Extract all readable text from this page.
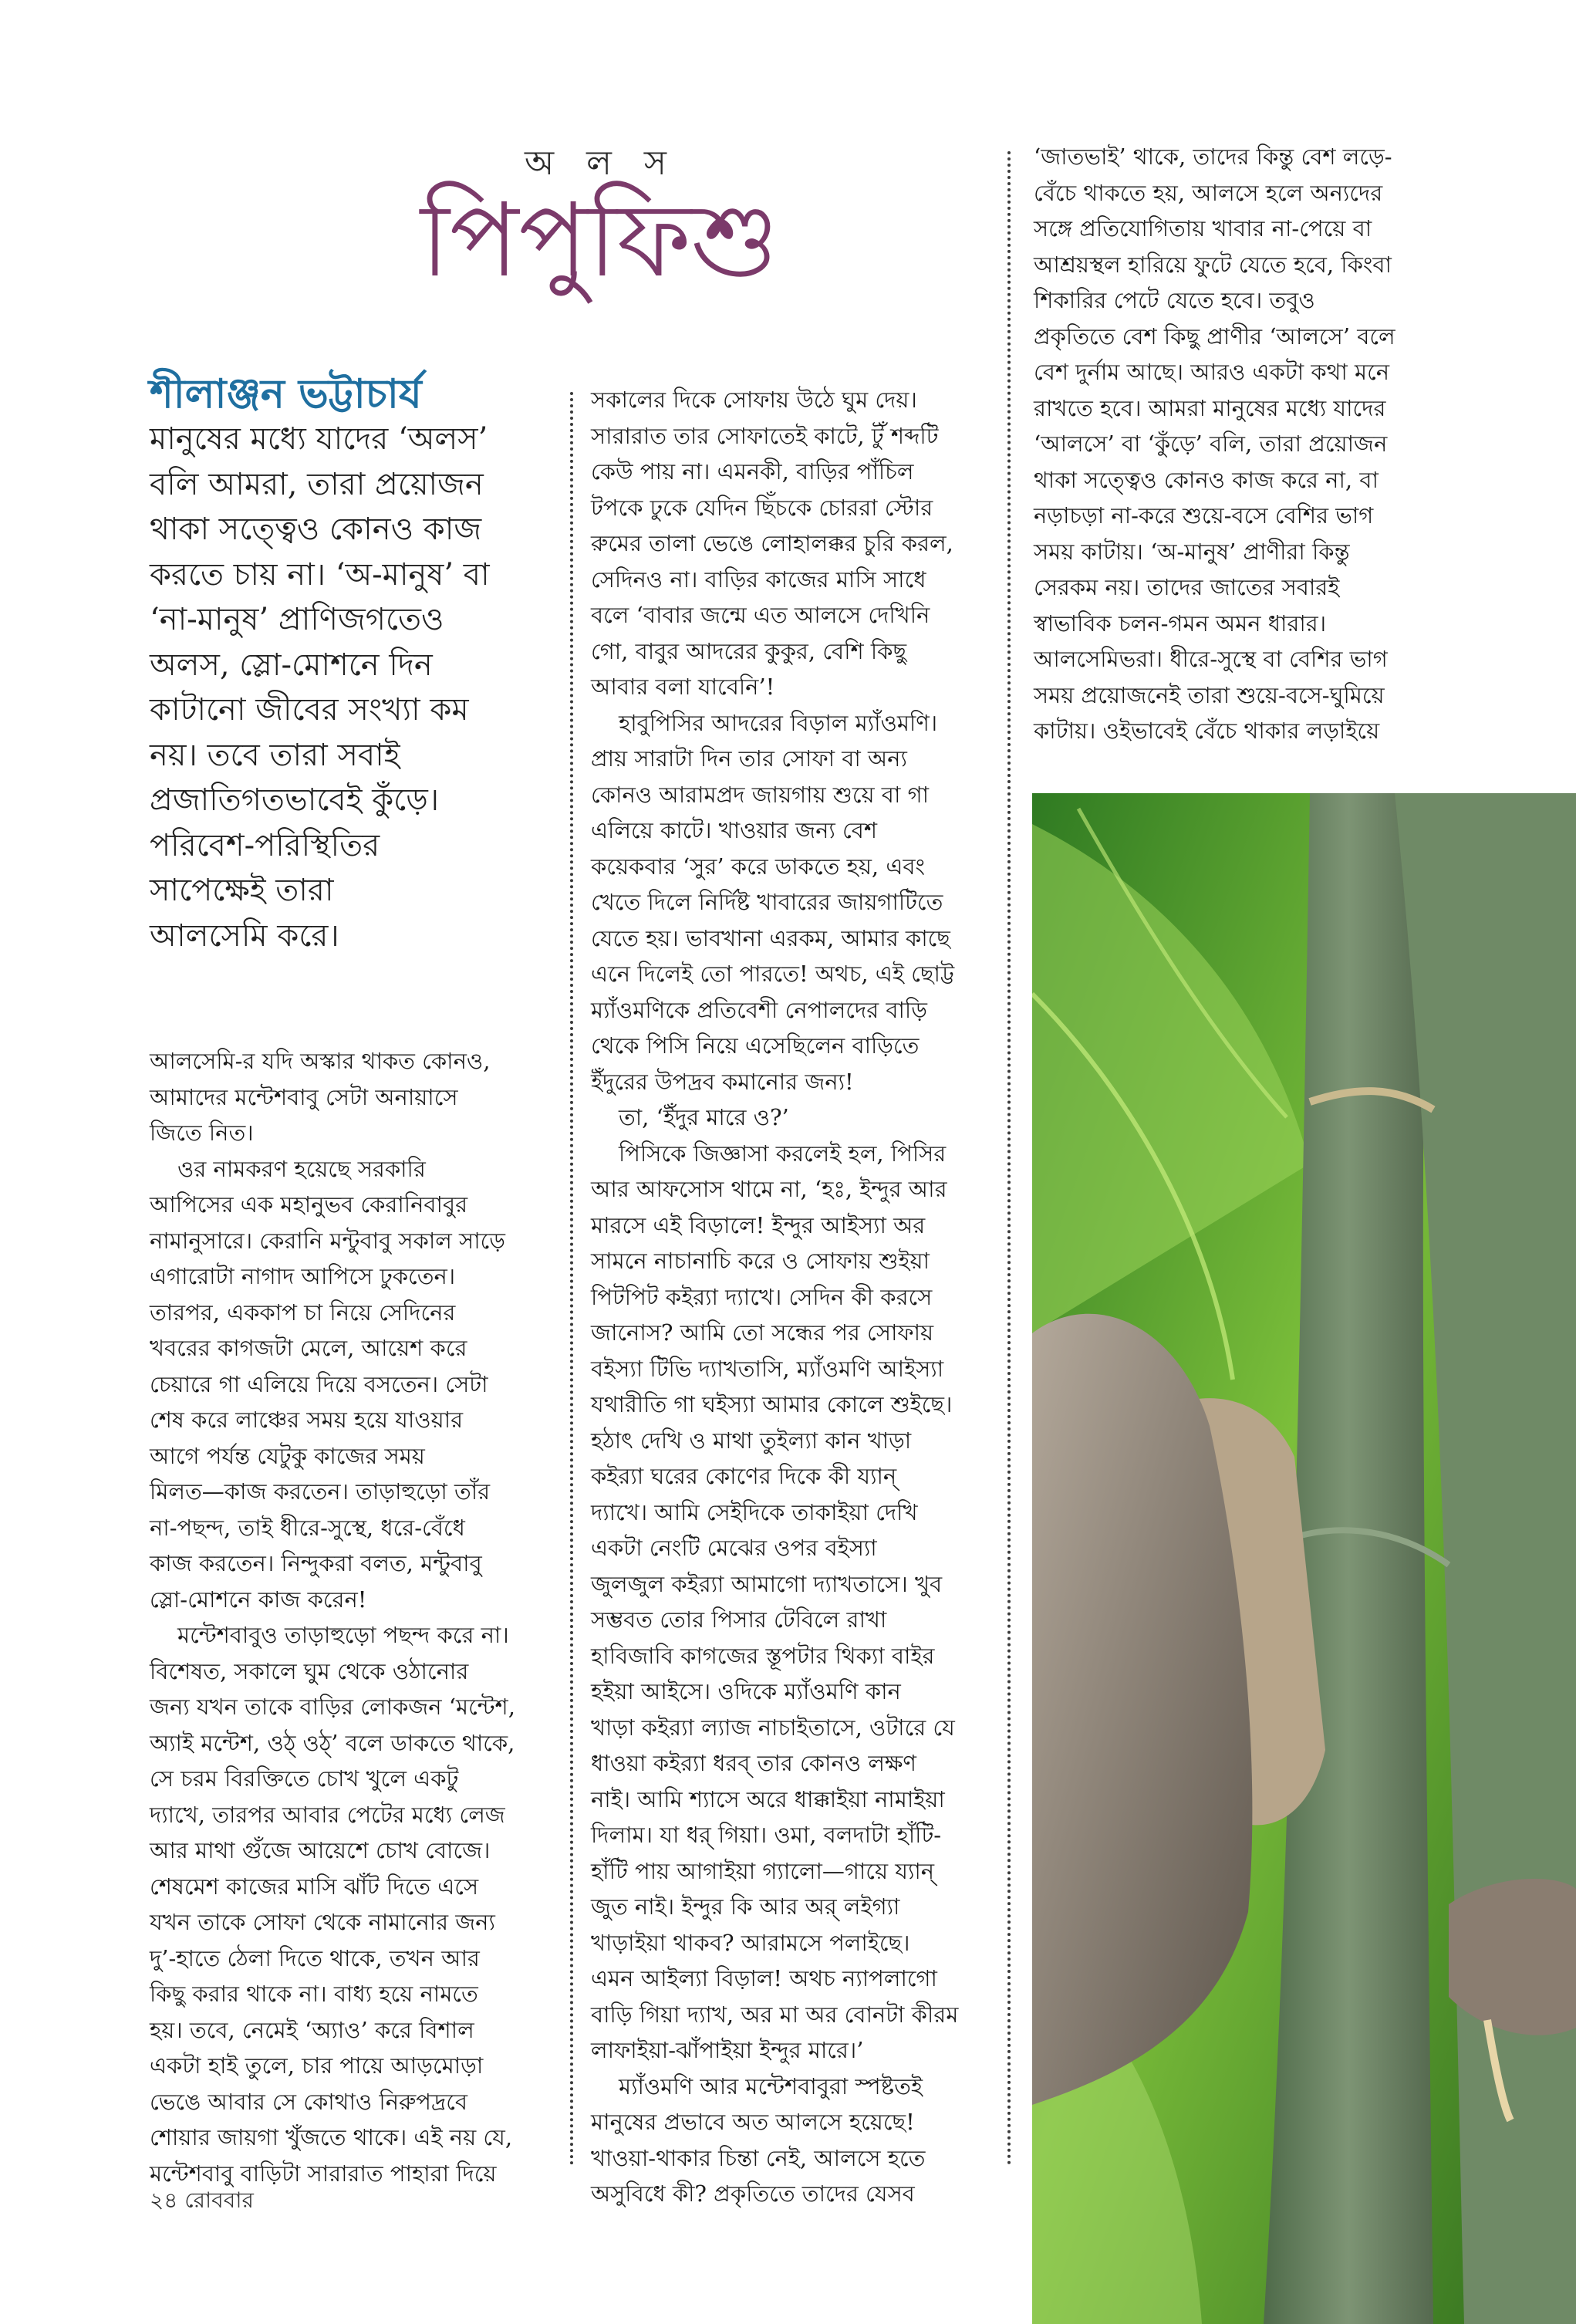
অ ল স
পিপুফিশু
শীলাঞ্জন ভট্টাচার্য

মানুষের মধ্যে যাদের ‘অলস’

বলি আমরা, তারা প্রয়োজন

থাকা সত্ত্বেও কোনও কাজ

করতে চায় না। ‘অ-মানুষ’ বা

‘না-মানুষ’ প্রাণিজগতেও

অলস, স্লো-মোশনে দিন

কাটানো জীবের সংখ্যা কম

নয়। তবে তারা সবাই

প্রজাতিগতভাবেই কুঁড়ে।

পরিবেশ-পরিস্থিতির

সাপেক্ষেই তারা

আলসেমি করে।

আলসেমি-র যদি অস্কার থাকত কোনও,

আমাদের মন্টেশবাবু সেটা অনায়াসে

জিতে নিত।

ওর নামকরণ হয়েছে সরকারি

আপিসের এক মহানুভব কেরানিবাবুর

নামানুসারে। কেরানি মন্টুবাবু সকাল সাড়ে

এগারোটা নাগাদ আপিসে ঢুকতেন।

তারপর, এককাপ চা নিয়ে সেদিনের

খবরের কাগজটা মেলে, আয়েশ করে

চেয়ারে গা এলিয়ে দিয়ে বসতেন। সেটা

শেষ করে লাঞ্চের সময় হয়ে যাওয়ার

আগে পর্যন্ত যেটুকু কাজের সময়

মিলত—কাজ করতেন। তাড়াহুড়ো তাঁর

না-পছন্দ, তাই ধীরে-সুস্থে, ধরে-বেঁধে

কাজ করতেন। নিন্দুকরা বলত, মন্টুবাবু

স্লো-মোশনে কাজ করেন!

মন্টেশবাবুও তাড়াহুড়ো পছন্দ করে না।

বিশেষত, সকালে ঘুম থেকে ওঠানোর

জন্য যখন তাকে বাড়ির লোকজন ‘মন্টেশ,

অ্যাই মন্টেশ, ওঠ্ ওঠ্’ বলে ডাকতে থাকে,

সে চরম বিরক্তিতে চোখ খুলে একটু

দ্যাখে, তারপর আবার পেটের মধ্যে লেজ

আর মাথা গুঁজে আয়েশে চোখ বোজে।

শেষমেশ কাজের মাসি ঝাঁট দিতে এসে

যখন তাকে সোফা থেকে নামানোর জন্য

দু’-হাতে ঠেলা দিতে থাকে, তখন আর

কিছু করার থাকে না। বাধ্য হয়ে নামতে

হয়। তবে, নেমেই ‘অ্যাও’ করে বিশাল

একটা হাই তুলে, চার পায়ে আড়মোড়া

ভেঙে আবার সে কোথাও নিরুপদ্রবে

শোয়ার জায়গা খুঁজতে থাকে। এই নয় যে,

মন্টেশবাবু বাড়িটা সারারাত পাহারা দিয়ে

সকালের দিকে সোফায় উঠে ঘুম দেয়।

সারারাত তার সোফাতেই কাটে, টুঁ শব্দটি

কেউ পায় না। এমনকী, বাড়ির পাঁচিল

টপকে ঢুকে যেদিন ছিঁচকে চোররা স্টোর

রুমের তালা ভেঙে লোহালক্কর চুরি করল,

সেদিনও না। বাড়ির কাজের মাসি সাধে

বলে ‘বাবার জন্মে এত আলসে দেখিনি

গো, বাবুর আদরের কুকুর, বেশি কিছু

আবার বলা যাবেনি’!

হাবুপিসির আদরের বিড়াল ম্যাঁওমণি।

প্রায় সারাটা দিন তার সোফা বা অন্য

কোনও আরামপ্রদ জায়গায় শুয়ে বা গা

এলিয়ে কাটে। খাওয়ার জন্য বেশ

কয়েকবার ‘সুর’ করে ডাকতে হয়, এবং

খেতে দিলে নির্দিষ্ট খাবারের জায়গাটিতে

যেতে হয়। ভাবখানা এরকম, আমার কাছে

এনে দিলেই তো পারতে! অথচ, এই ছোট্ট

ম্যাঁওমণিকে প্রতিবেশী নেপালদের বাড়ি

থেকে পিসি নিয়ে এসেছিলেন বাড়িতে

ইঁদুরের উপদ্রব কমানোর জন্য!

তা, ‘ইঁদুর মারে ও?’

পিসিকে জিজ্ঞাসা করলেই হল, পিসির

আর আফসোস থামে না, ‘হঃ, ইন্দুর আর

মারসে এই বিড়ালে! ইন্দুর আইস্যা অর

সামনে নাচানাচি করে ও সোফায় শুইয়া

পিটপিট কইর‍্যা দ্যাখে। সেদিন কী করসে

জানোস? আমি তো সন্ধের পর সোফায়

বইস্যা টিভি দ্যাখতাসি, ম্যাঁওমণি আইস্যা

যথারীতি গা ঘইস্যা আমার কোলে শুইছে।

হঠাৎ দেখি ও মাথা তুইল্যা কান খাড়া

কইর‍্যা ঘরের কোণের দিকে কী য্যান্

দ্যাখে। আমি সেইদিকে তাকাইয়া দেখি

একটা নেংটি মেঝের ওপর বইস্যা

জুলজুল কইর‍্যা আমাগো দ্যাখতাসে। খুব

সম্ভবত তোর পিসার টেবিলে রাখা

হাবিজাবি কাগজের স্তূপটার থিক্যা বাইর

হইয়া আইসে। ওদিকে ম্যাঁওমণি কান

খাড়া কইর‍্যা ল্যাজ নাচাইতাসে, ওটারে যে

ধাওয়া কইর‍্যা ধরব্ তার কোনও লক্ষণ

নাই। আমি শ্যাসে অরে ধাক্কাইয়া নামাইয়া

দিলাম। যা ধর্ গিয়া। ওমা, বলদাটা হাঁটি-

হাঁটি পায় আগাইয়া গ্যালো—গায়ে য্যান্

জুত নাই। ইন্দুর কি আর অর্ লইগ্যা

খাড়াইয়া থাকব? আরামসে পলাইছে।

এমন আইল্যা বিড়াল! অথচ ন্যাপলাগো

বাড়ি গিয়া দ্যাখ, অর মা অর বোনটা কীরম

লাফাইয়া-ঝাঁপাইয়া ইন্দুর মারে।’

ম্যাঁওমণি আর মন্টেশবাবুরা স্পষ্টতই

মানুষের প্রভাবে অত আলসে হয়েছে!

খাওয়া-থাকার চিন্তা নেই, আলসে হতে

অসুবিধে কী? প্রকৃতিতে তাদের যেসব

‘জাতভাই’ থাকে, তাদের কিন্তু বেশ লড়ে-

বেঁচে থাকতে হয়, আলসে হলে অন্যদের

সঙ্গে প্রতিযোগিতায় খাবার না-পেয়ে বা

আশ্রয়স্থল হারিয়ে ফুটে যেতে হবে, কিংবা

শিকারির পেটে যেতে হবে। তবুও

প্রকৃতিতে বেশ কিছু প্রাণীর ‘আলসে’ বলে

বেশ দুর্নাম আছে। আরও একটা কথা মনে

রাখতে হবে। আমরা মানুষের মধ্যে যাদের

‘আলসে’ বা ‘কুঁড়ে’ বলি, তারা প্রয়োজন

থাকা সত্ত্বেও কোনও কাজ করে না, বা

নড়াচড়া না-করে শুয়ে-বসে বেশির ভাগ

সময় কাটায়। ‘অ-মানুষ’ প্রাণীরা কিন্তু

সেরকম নয়। তাদের জাতের সবারই

স্বাভাবিক চলন-গমন অমন ধারার।

আলসেমিভরা। ধীরে-সুস্থে বা বেশির ভাগ

সময় প্রয়োজনেই তারা শুয়ে-বসে-ঘুমিয়ে

কাটায়। ওইভাবেই বেঁচে থাকার লড়াইয়ে

২৪ রোববার
